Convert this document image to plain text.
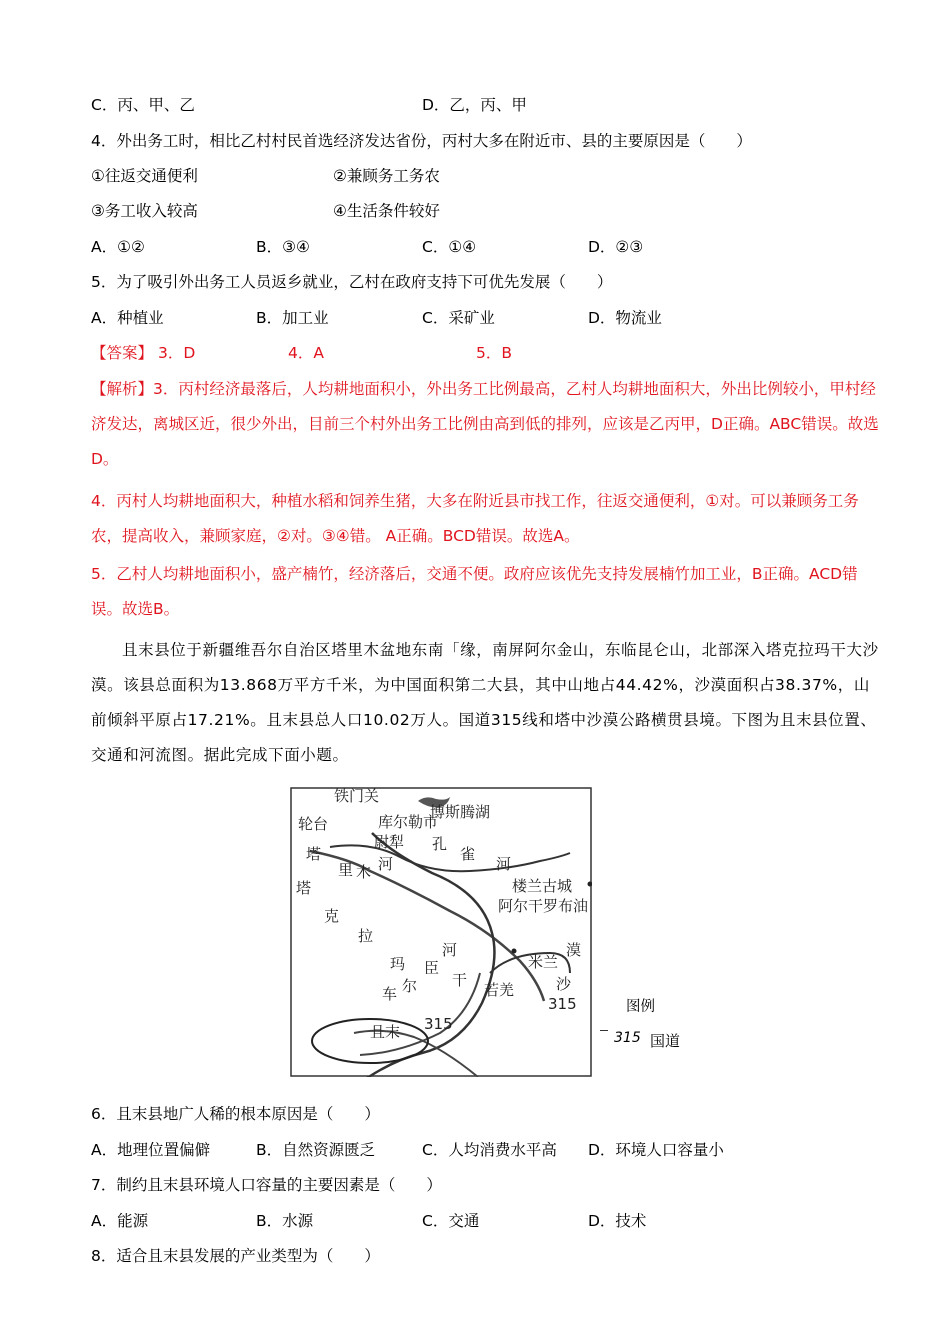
C．丙、甲、乙	D．乙，丙、甲
4．外出务工时，相比乙村村民首选经济发达省份，丙村大多在附近市、县的主要原因是（　　）
①往返交通便利	②兼顾务工务农
③务工收入较高	④生活条件较好
A．①②	B．③④	C．①④	D．②③
5．为了吸引外出务工人员返乡就业，乙村在政府支持下可优先发展（　　）
A．种植业	B．加工业	C．采矿业	D．物流业
【答案】 3．D	4．A	5．B
【解析】3．丙村经济最落后，人均耕地面积小，外出务工比例最高，乙村人均耕地面积大，外出比例较小，甲村经济发达，离城区近，很少外出，目前三个村外出务工比例由高到低的排列，应该是乙丙甲，D正确。ABC错误。故选D。
4．丙村人均耕地面积大，种植水稻和饲养生猪，大多在附近县市找工作，往返交通便利，①对。可以兼顾务工务农，提高收入，兼顾家庭，②对。③④错。 A正确。BCD错误。故选A。
5．乙村人均耕地面积小，盛产楠竹，经济落后，交通不便。政府应该优先支持发展楠竹加工业，B正确。ACD错误。故选B。
且末县位于新疆维吾尔自治区塔里木盆地东南「缘，南屏阿尔金山，东临昆仑山，北部深入塔克拉玛干大沙漠。该县总面积为13.868万平方千米，为中国面积第二大县，其中山地占44.42%，沙漠面积占38.37%，山前倾斜平原占17.21%。且末县总人口10.02万人。国道315线和塔中沙漠公路横贯县境。下图为且末县位置、交通和河流图。据此完成下面小题。
铁门关
博斯腾湖
轮台	库尔勒市
尉犁 孔
雀
河
塔
里 木 河
塔
克
拉
玛
河
臣
干
车 尔
楼兰古城
阿尔干罗布油
米兰
漠
沙
若羌
315
315
且末
图例
315 国道
6．且末县地广人稀的根本原因是（　　）
A．地理位置偏僻	B．自然资源匮乏	C．人均消费水平高 D．环境人口容量小
7．制约且末县环境人口容量的主要因素是（　　）
A．能源	B．水源	C．交通	D．技术
8．适合且末县发展的产业类型为（　　）
